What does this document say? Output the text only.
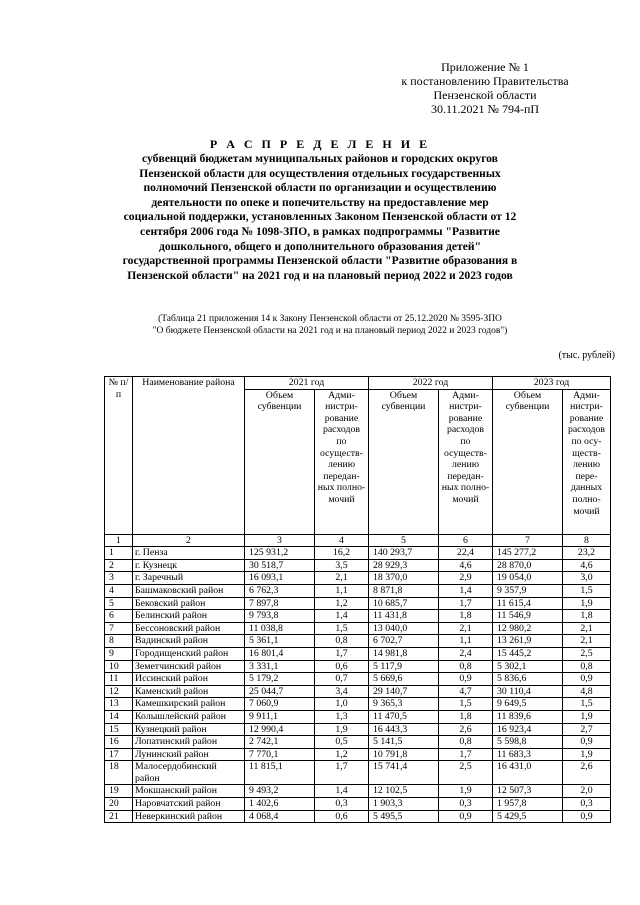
Приложение № 1
к постановлению Правительства
Пензенской области
30.11.2021 № 794-пП
Р А С П Р Е Д Е Л Е Н И Е
субвенций бюджетам муниципальных районов и городских округов Пензенской области для осуществления отдельных государственных полномочий Пензенской области по организации и осуществлению деятельности по опеке и попечительству на предоставление мер социальной поддержки, установленных Законом Пензенской области от 12 сентября 2006 года № 1098-ЗПО, в рамках подпрограммы "Развитие дошкольного, общего и дополнительного образования детей" государственной программы Пензенской области "Развитие образования в Пензенской области" на 2021 год и на плановый период 2022 и 2023 годов
(Таблица 21 приложения 14 к Закону Пензенской области от 25.12.2020 № 3595-ЗПО
"О бюджете Пензенской области на 2021 год и на плановый период 2022 и 2023 годов")
(тыс. рублей)
№ п/п	Наименование района	2021 год		2022 год		2023 год	
		Объем субвенции	Адми-нистри-рование расходов по осуществ-лению передан-ных полно-мочий	Объем субвенции	Адми-нистри-рование расходов по осуществ-лению передан-ных полно-мочий	Объем субвенции	Адми-нистри-рование расходов по осу-ществ-лению пере-данных полно-мочий
1	2	3	4	5	6	7	8
1	г. Пенза	125 931,2	16,2	140 293,7	22,4	145 277,2	23,2
2	г. Кузнецк	30 518,7	3,5	28 929,3	4,6	28 870,0	4,6
3	г. Заречный	16 093,1	2,1	18 370,0	2,9	19 054,0	3,0
4	Башмаковский район	6 762,3	1,1	8 871,8	1,4	9 357,9	1,5
5	Бековский район	7 897,8	1,2	10 685,7	1,7	11 615,4	1,9
6	Белинский район	9 793,8	1,4	11 431,8	1,8	11 546,9	1,8
7	Бессоновский район	11 038,8	1,5	13 040,0	2,1	12 980,2	2,1
8	Вадинский район	5 361,1	0,8	6 702,7	1,1	13 261,9	2,1
9	Городищенский район	16 801,4	1,7	14 981,8	2,4	15 445,2	2,5
10	Земетчинский район	3 331,1	0,6	5 117,9	0,8	5 302,1	0,8
11	Иссинский район	5 179,2	0,7	5 669,6	0,9	5 836,6	0,9
12	Каменский район	25 044,7	3,4	29 140,7	4,7	30 110,4	4,8
13	Камешкирский район	7 060,9	1,0	9 365,3	1,5	9 649,5	1,5
14	Колышлейский район	9 911,1	1,3	11 470,5	1,8	11 839,6	1,9
15	Кузнецкий район	12 990,4	1,9	16 443,3	2,6	16 923,4	2,7
16	Лопатинский район	2 742,1	0,5	5 141,5	0,8	5 598,8	0,9
17	Лунинский район	7 770,1	1,2	10 791,8	1,7	11 683,3	1,9
18	Малосердобинский район	11 815,1	1,7	15 741,4	2,5	16 431,0	2,6
19	Мокшанский район	9 493,2	1,4	12 102,5	1,9	12 507,3	2,0
20	Наровчатский район	1 402,6	0,3	1 903,3	0,3	1 957,8	0,3
21	Неверкинский район	4 068,4	0,6	5 495,5	0,9	5 429,5	0,9
